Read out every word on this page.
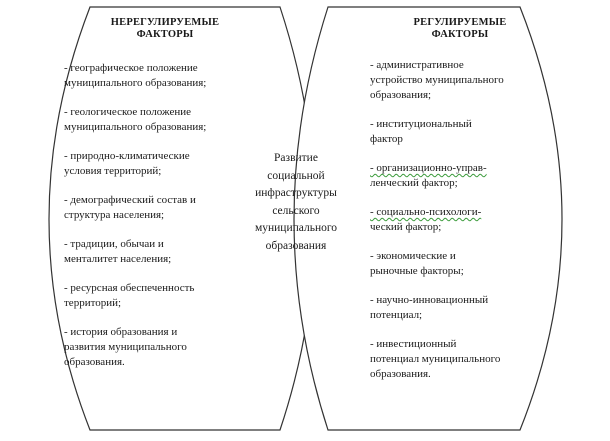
НЕРЕГУЛИРУЕМЫЕ
ФАКТОРЫ
- географическое положение
муниципального образования;
- геологическое положение
муниципального образования;
- природно-климатические
условия территорий;
- демографический состав и
структура населения;
- традиции, обычаи и
менталитет населения;
- ресурсная обеспеченность
территорий;
- история образования и
развития муниципального
образования.
Развитие
социальной
инфраструктуры
сельского
муниципального
образования
РЕГУЛИРУЕМЫЕ
ФАКТОРЫ
- административное
устройство муниципального
образования;
- институциональный
фактор
- организационно-управ-
ленческий фактор;
- социально-психологи-
ческий фактор;
- экономические и
рыночные факторы;
- научно-инновационный
потенциал;
- инвестиционный
потенциал муниципального
образования.
